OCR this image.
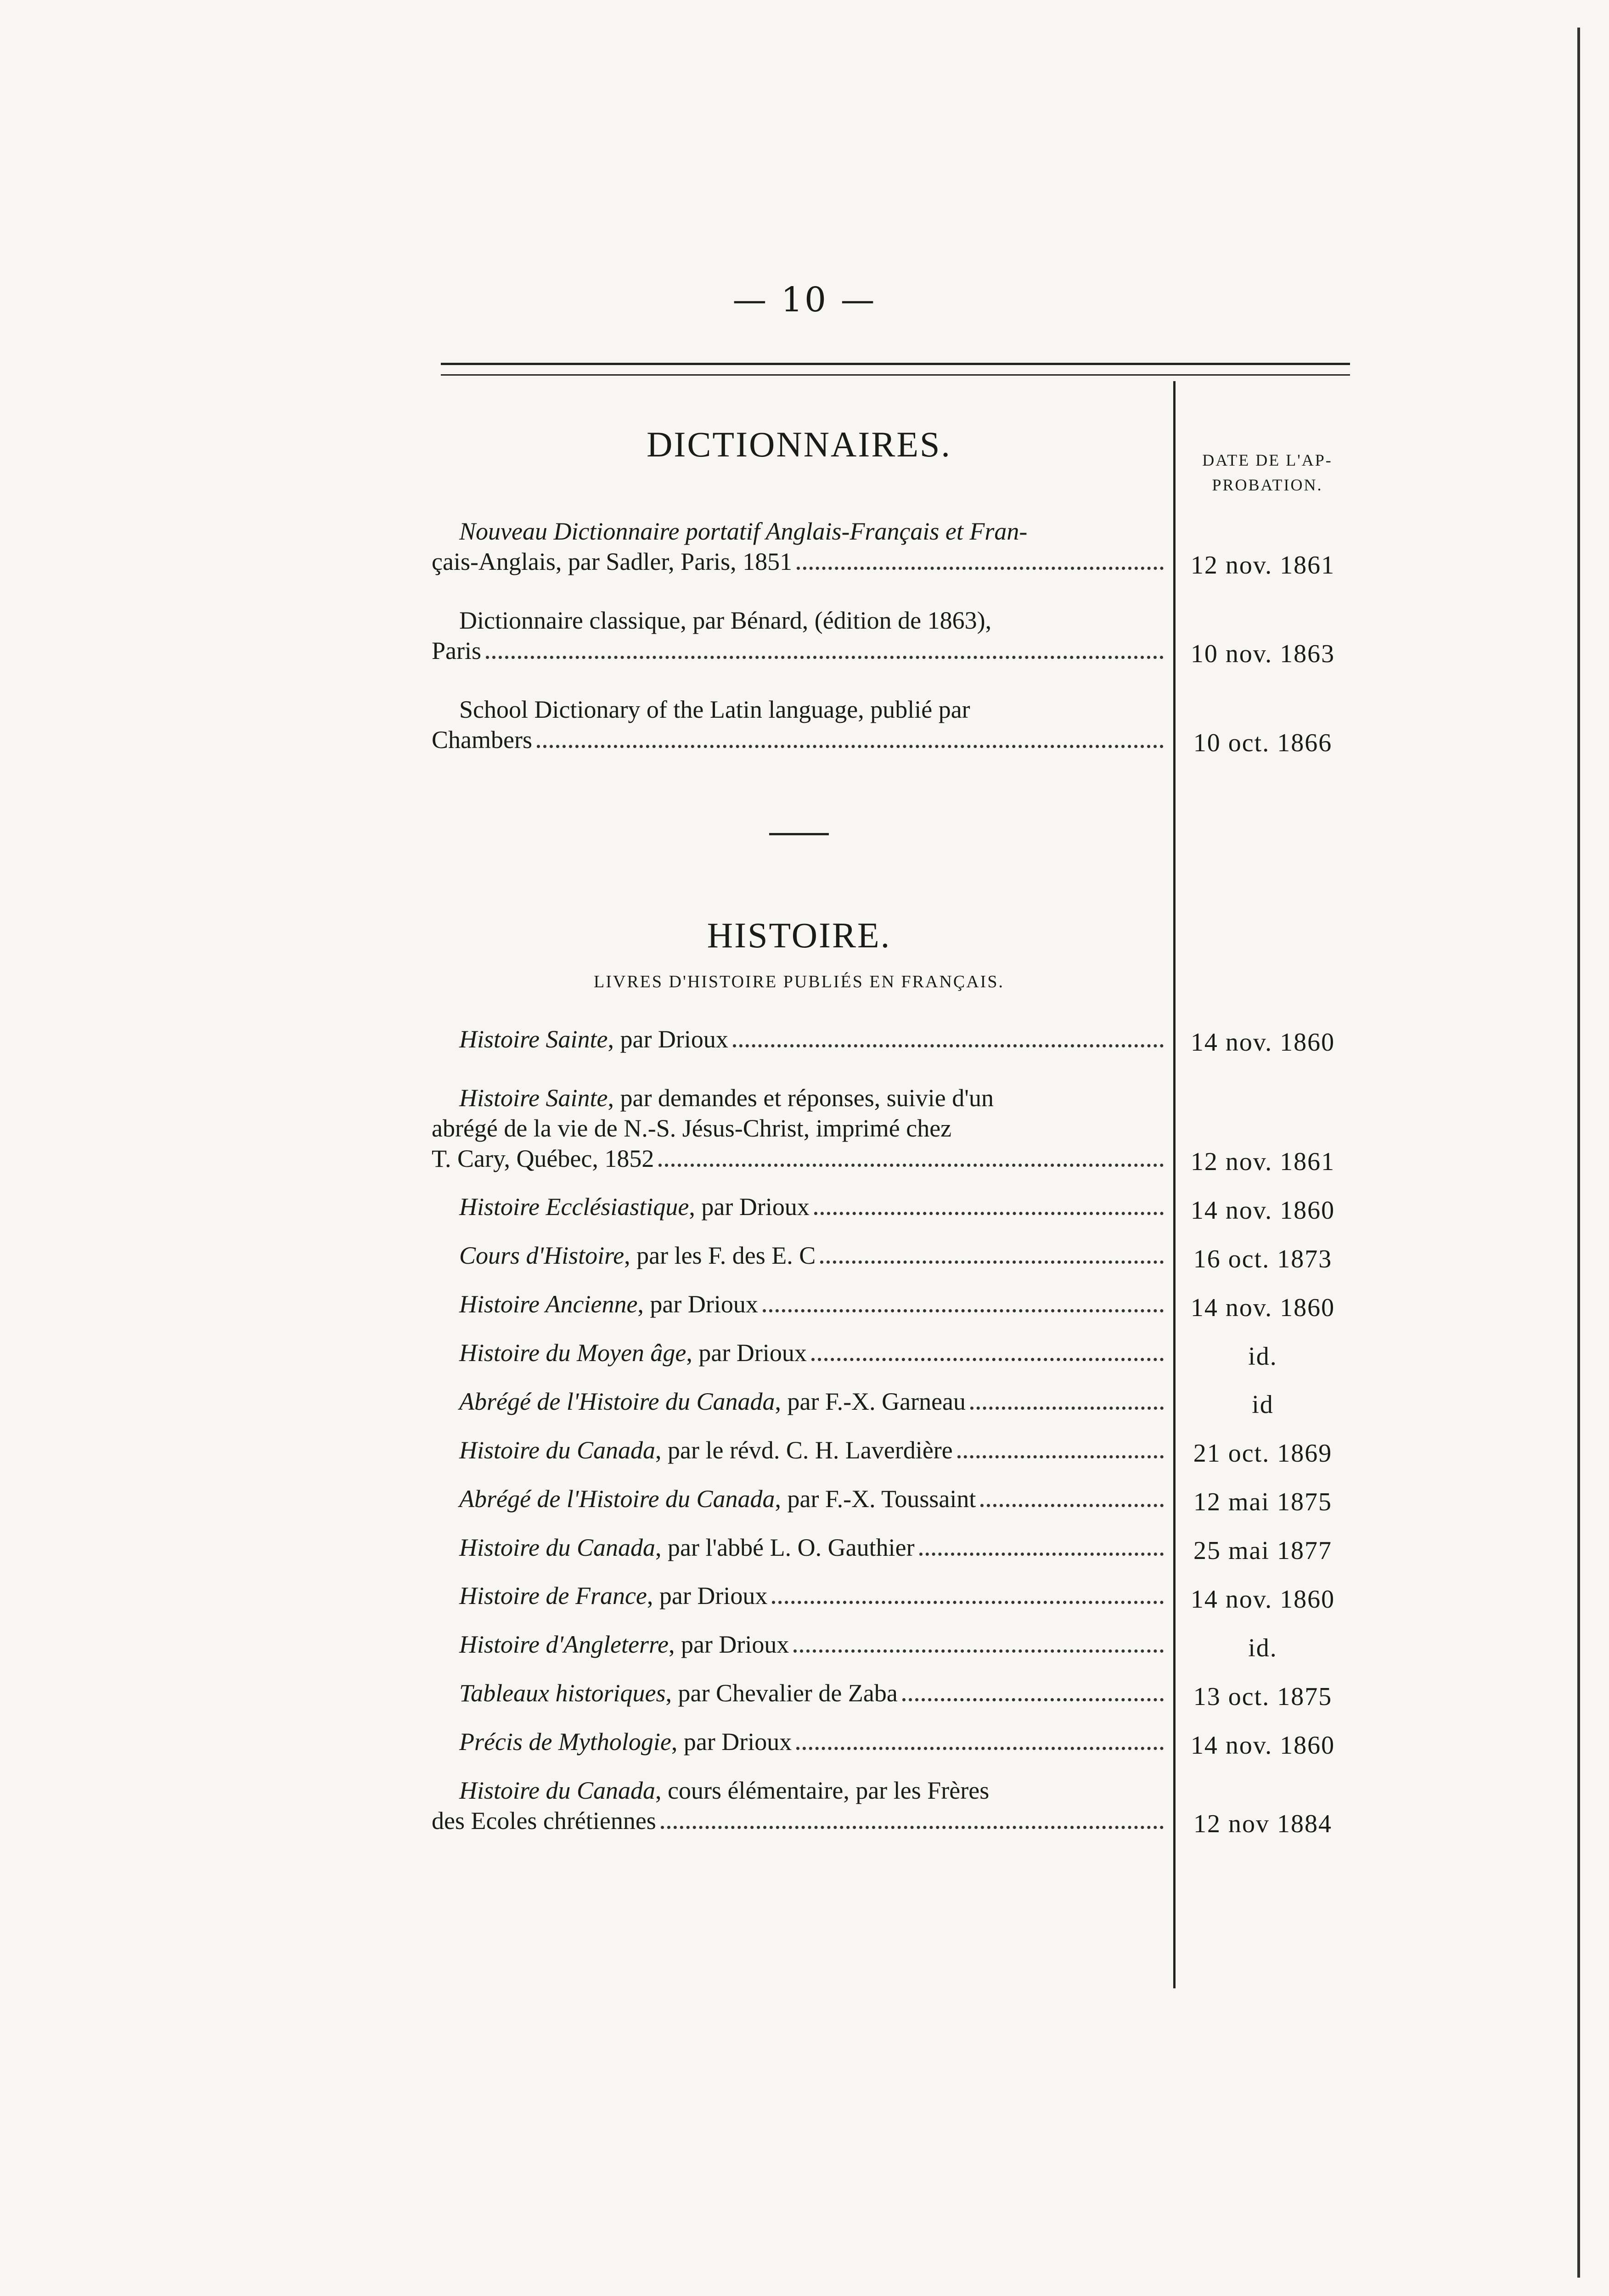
— 10 —
DATE DE L'AP-
PROBATION.
DICTIONNAIRES.
Nouveau Dictionnaire portatif Anglais-Français et Fran-
çais-Anglais, par Sadler, Paris, 1851	12 nov. 1861
Dictionnaire classique, par Bénard, (édition de 1863),
Paris	10 nov. 1863
School Dictionary of the Latin language, publié par
Chambers	10 oct. 1866
HISTOIRE.
LIVRES D'HISTOIRE PUBLIÉS EN FRANÇAIS.
Histoire Sainte , par Drioux	14 nov. 1860
Histoire Sainte, par demandes et réponses, suivie d'un
abrégé de la vie de N.-S. Jésus-Christ, imprimé chez
T. Cary, Québec, 1852	12 nov. 1861
Histoire Ecclésiastique , par Drioux	14 nov. 1860
Cours d'Histoire , par les F. des E. C	16 oct. 1873
Histoire Ancienne , par Drioux	14 nov. 1860
Histoire du Moyen âge , par Drioux	id.
Abrégé de l'Histoire du Canada , par F.-X. Garneau	id
Histoire du Canada , par le révd. C. H. Laverdière	21 oct. 1869
Abrégé de l'Histoire du Canada , par F.-X. Toussaint	12 mai 1875
Histoire du Canada , par l'abbé L. O. Gauthier	25 mai 1877
Histoire de France , par Drioux	14 nov. 1860
Histoire d'Angleterre , par Drioux	id.
Tableaux historiques , par Chevalier de Zaba	13 oct. 1875
Précis de Mythologie , par Drioux	14 nov. 1860
Histoire du Canada, cours élémentaire, par les Frères
des Ecoles chrétiennes	12 nov 1884
